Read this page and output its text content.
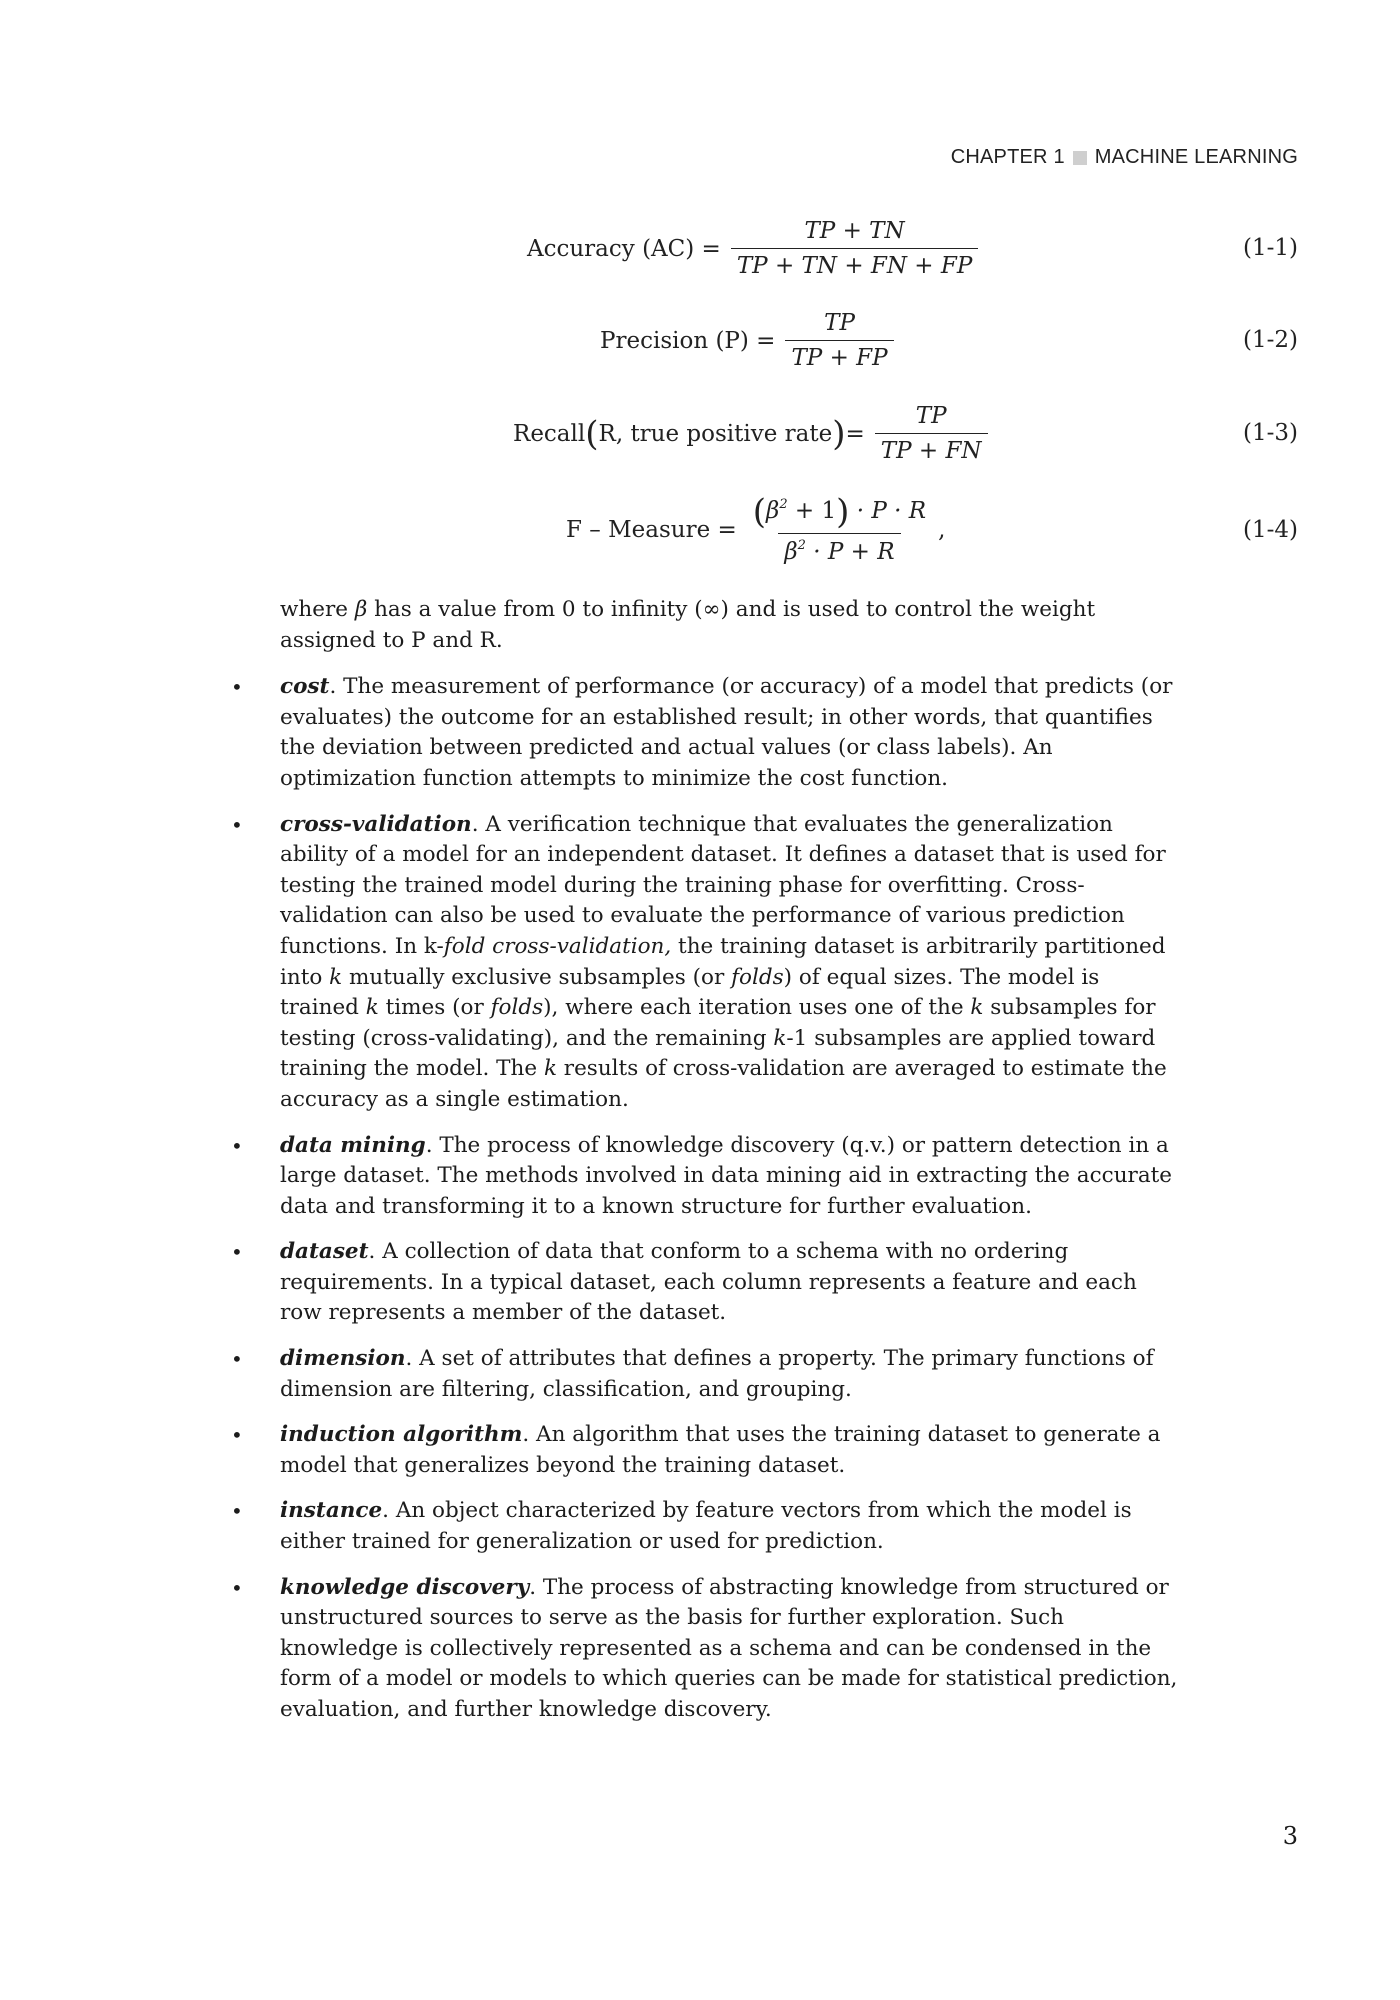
CHAPTER 1 MACHINE LEARNING
Accuracy $(AC) = \frac{TP + TN}{TP + TN + FN + FP}$	(1-1)
Precision $(P) = \frac{TP}{TP + FP}$	(1-2)
Recall ( R, true positive rate ) = $\frac{TP}{TP + FN}$	(1-3)
F – Measure = $\frac{(\beta^2 + 1) \cdot P \cdot R}{\beta^2 \cdot P + R}$ ,	(1-4)

where β has a value from 0 to infinity (∞) and is used to control the weight assigned to P and R.

• cost. The measurement of performance (or accuracy) of a model that predicts (or evaluates) the outcome for an established result; in other words, that quantifies the deviation between predicted and actual values (or class labels). An optimization function attempts to minimize the cost function.
• cross-validation. A verification technique that evaluates the generalization ability of a model for an independent dataset. It defines a dataset that is used for testing the trained model during the training phase for overfitting. Cross-validation can also be used to evaluate the performance of various prediction functions. In k-fold cross-validation, the training dataset is arbitrarily partitioned into k mutually exclusive subsamples (or folds) of equal sizes. The model is trained k times (or folds), where each iteration uses one of the k subsamples for testing (cross-validating), and the remaining k-1 subsamples are applied toward training the model. The k results of cross-validation are averaged to estimate the accuracy as a single estimation.
• data mining. The process of knowledge discovery (q.v.) or pattern detection in a large dataset. The methods involved in data mining aid in extracting the accurate data and transforming it to a known structure for further evaluation.
• dataset. A collection of data that conform to a schema with no ordering requirements. In a typical dataset, each column represents a feature and each row represents a member of the dataset.
• dimension. A set of attributes that defines a property. The primary functions of dimension are filtering, classification, and grouping.
• induction algorithm. An algorithm that uses the training dataset to generate a model that generalizes beyond the training dataset.
• instance. An object characterized by feature vectors from which the model is either trained for generalization or used for prediction.
• knowledge discovery. The process of abstracting knowledge from structured or unstructured sources to serve as the basis for further exploration. Such knowledge is collectively represented as a schema and can be condensed in the form of a model or models to which queries can be made for statistical prediction, evaluation, and further knowledge discovery.
3
